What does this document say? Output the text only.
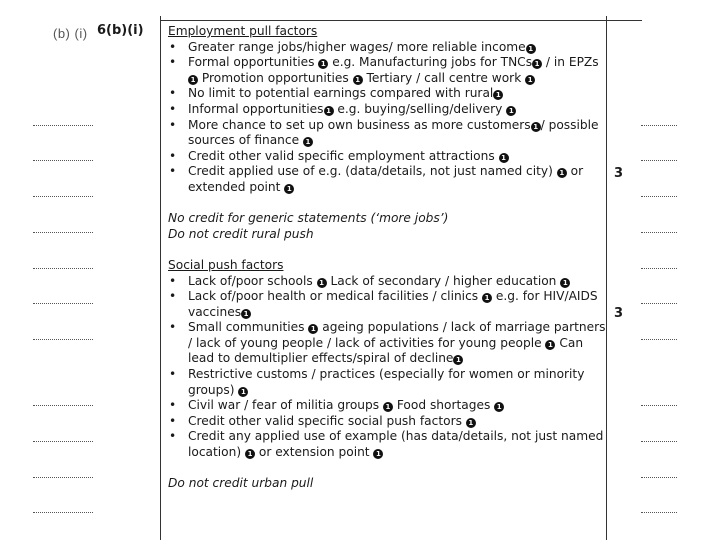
(b) (i) 6(b)(i) Employment pull factors
• Greater range jobs/higher wages/ more reliable income 1
• Formal opportunities 1 e.g. Manufacturing jobs for TNCs 1 / in EPZs1 Promotion opportunities 1 Tertiary / call centre work 1
• No limit to potential earnings compared with rural 1
• Informal opportunities 1 e.g. buying/selling/delivery 1
• More chance to set up own business as more customers 1 / possible sources of finance 1
• Credit other valid specific employment attractions 1
• Credit applied use of e.g. (data/details, not just named city) 1 or extended point 1
No credit for generic statements (‘more jobs’)
Do not credit rural push
Social push factors
• Lack of/poor schools 1 Lack of secondary / higher education 1
• Lack of/poor health or medical facilities / clinics 1 e.g. for HIV/AIDS vaccines 1
• Small communities 1 ageing populations / lack of marriage partners / lack of young people / lack of activities for young people 1 Can lead to demultiplier effects/spiral of decline 1
• Restrictive customs / practices (especially for women or minority groups) 1
• Civil war / fear of militia groups 1 Food shortages 1
• Credit other valid specific social push factors 1
• Credit any applied use of example (has data/details, not just named location) 1 or extension point 1
Do not credit urban pull
3
3
